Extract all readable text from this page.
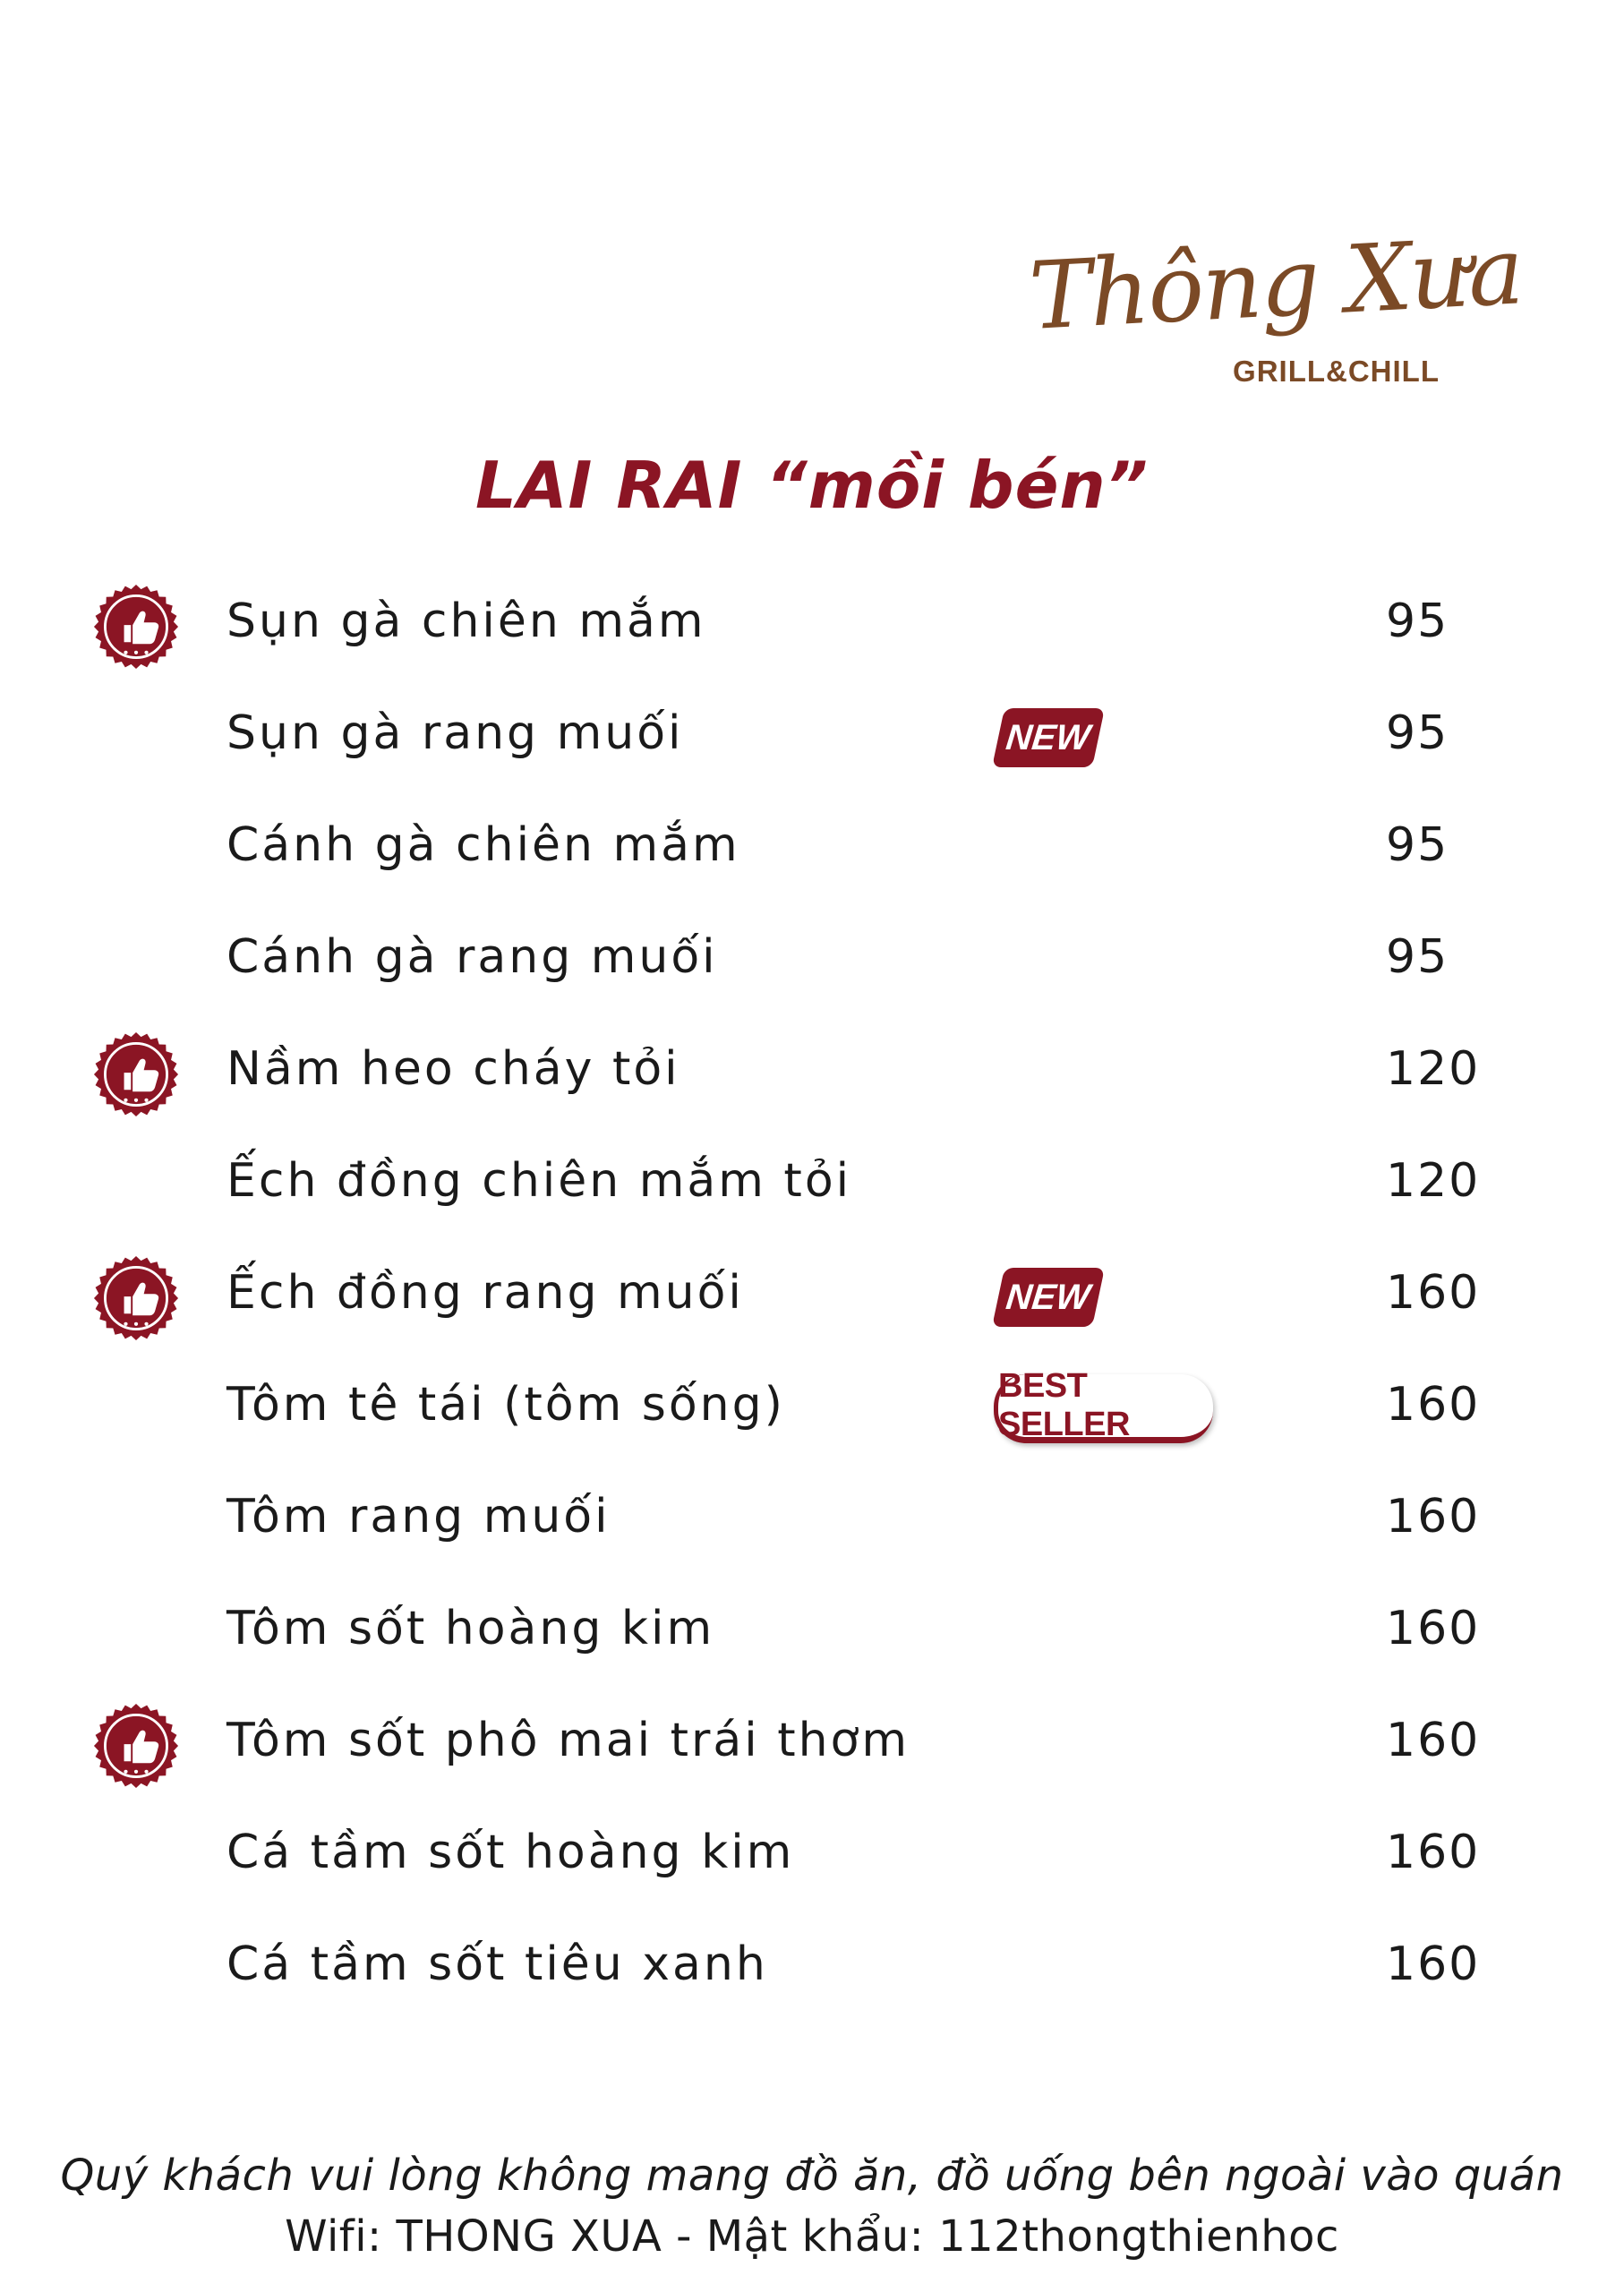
Thông Xưa
GRILL&CHILL
LAI RAI “mồi bén”
Sụn gà chiên mắm	95
Sụn gà rang muối	NEW	95
Cánh gà chiên mắm	95
Cánh gà rang muối	95
Nầm heo cháy tỏi	120
Ếch đồng chiên mắm tỏi	120
Ếch đồng rang muối	NEW	160
Tôm tê tái (tôm sống)	BEST SELLER	160
Tôm rang muối	160
Tôm sốt hoàng kim	160
Tôm sốt phô mai trái thơm	160
Cá tầm sốt hoàng kim	160
Cá tầm sốt tiêu xanh	160
Quý khách vui lòng không mang đồ ăn, đồ uống bên ngoài vào quán
Wifi: THONG XUA - Mật khẩu: 112thongthienhoc
